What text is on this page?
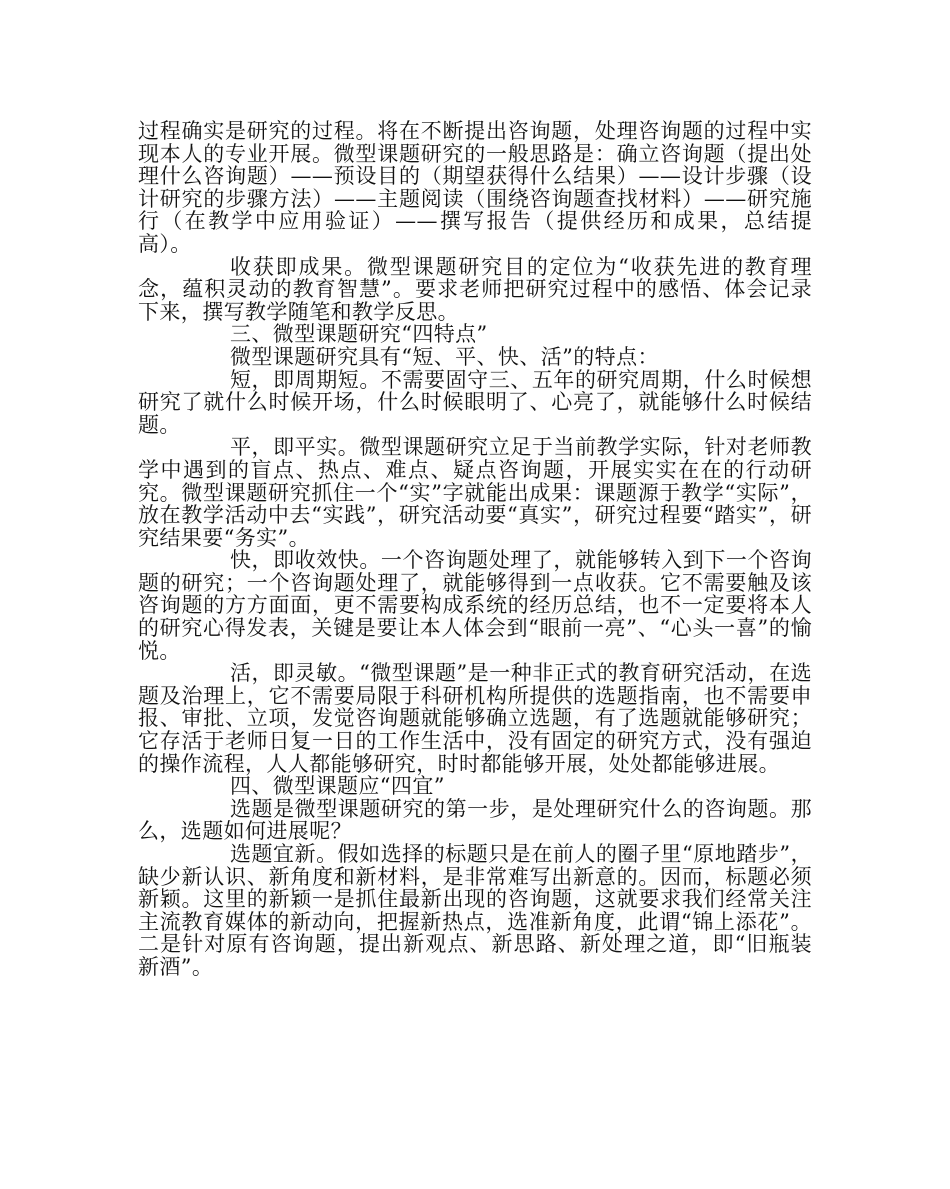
过程确实是研究的过程。将在不断提出咨询题，处理咨询题的过程中实现本人的专业开展。微型课题研究的一般思路是：确立咨询题（提出处理什么咨询题）——预设目的（期望获得什么结果）——设计步骤（设计研究的步骤方法）——主题阅读（围绕咨询题查找材料）——研究施行（在教学中应用验证）——撰写报告（提供经历和成果，总结提高）。

收获即成果。微型课题研究目的定位为“收获先进的教育理念，蕴积灵动的教育智慧”。要求老师把研究过程中的感悟、体会记录下来，撰写教学随笔和教学反思。

三、微型课题研究“四特点”

微型课题研究具有“短、平、快、活”的特点：

短，即周期短。不需要固守三、五年的研究周期，什么时候想研究了就什么时候开场，什么时候眼明了、心亮了，就能够什么时候结题。

平，即平实。微型课题研究立足于当前教学实际，针对老师教学中遇到的盲点、热点、难点、疑点咨询题，开展实实在在的行动研究。微型课题研究抓住一个“实”字就能出成果：课题源于教学“实际”，放在教学活动中去“实践”，研究活动要“真实”，研究过程要“踏实”，研究结果要“务实”。

快，即收效快。一个咨询题处理了，就能够转入到下一个咨询题的研究；一个咨询题处理了，就能够得到一点收获。它不需要触及该咨询题的方方面面，更不需要构成系统的经历总结，也不一定要将本人的研究心得发表，关键是要让本人体会到“眼前一亮”、“心头一喜”的愉悦。

活，即灵敏。“微型课题”是一种非正式的教育研究活动，在选题及治理上，它不需要局限于科研机构所提供的选题指南，也不需要申报、审批、立项，发觉咨询题就能够确立选题，有了选题就能够研究；它存活于老师日复一日的工作生活中，没有固定的研究方式，没有强迫的操作流程，人人都能够研究，时时都能够开展，处处都能够进展。

四、微型课题应“四宜”

选题是微型课题研究的第一步，是处理研究什么的咨询题。那么，选题如何进展呢？

选题宜新。假如选择的标题只是在前人的圈子里“原地踏步”，缺少新认识、新角度和新材料，是非常难写出新意的。因而，标题必须新颖。这里的新颖一是抓住最新出现的咨询题，这就要求我们经常关注主流教育媒体的新动向，把握新热点，选准新角度，此谓“锦上添花”。二是针对原有咨询题，提出新观点、新思路、新处理之道，即“旧瓶装新酒”。
